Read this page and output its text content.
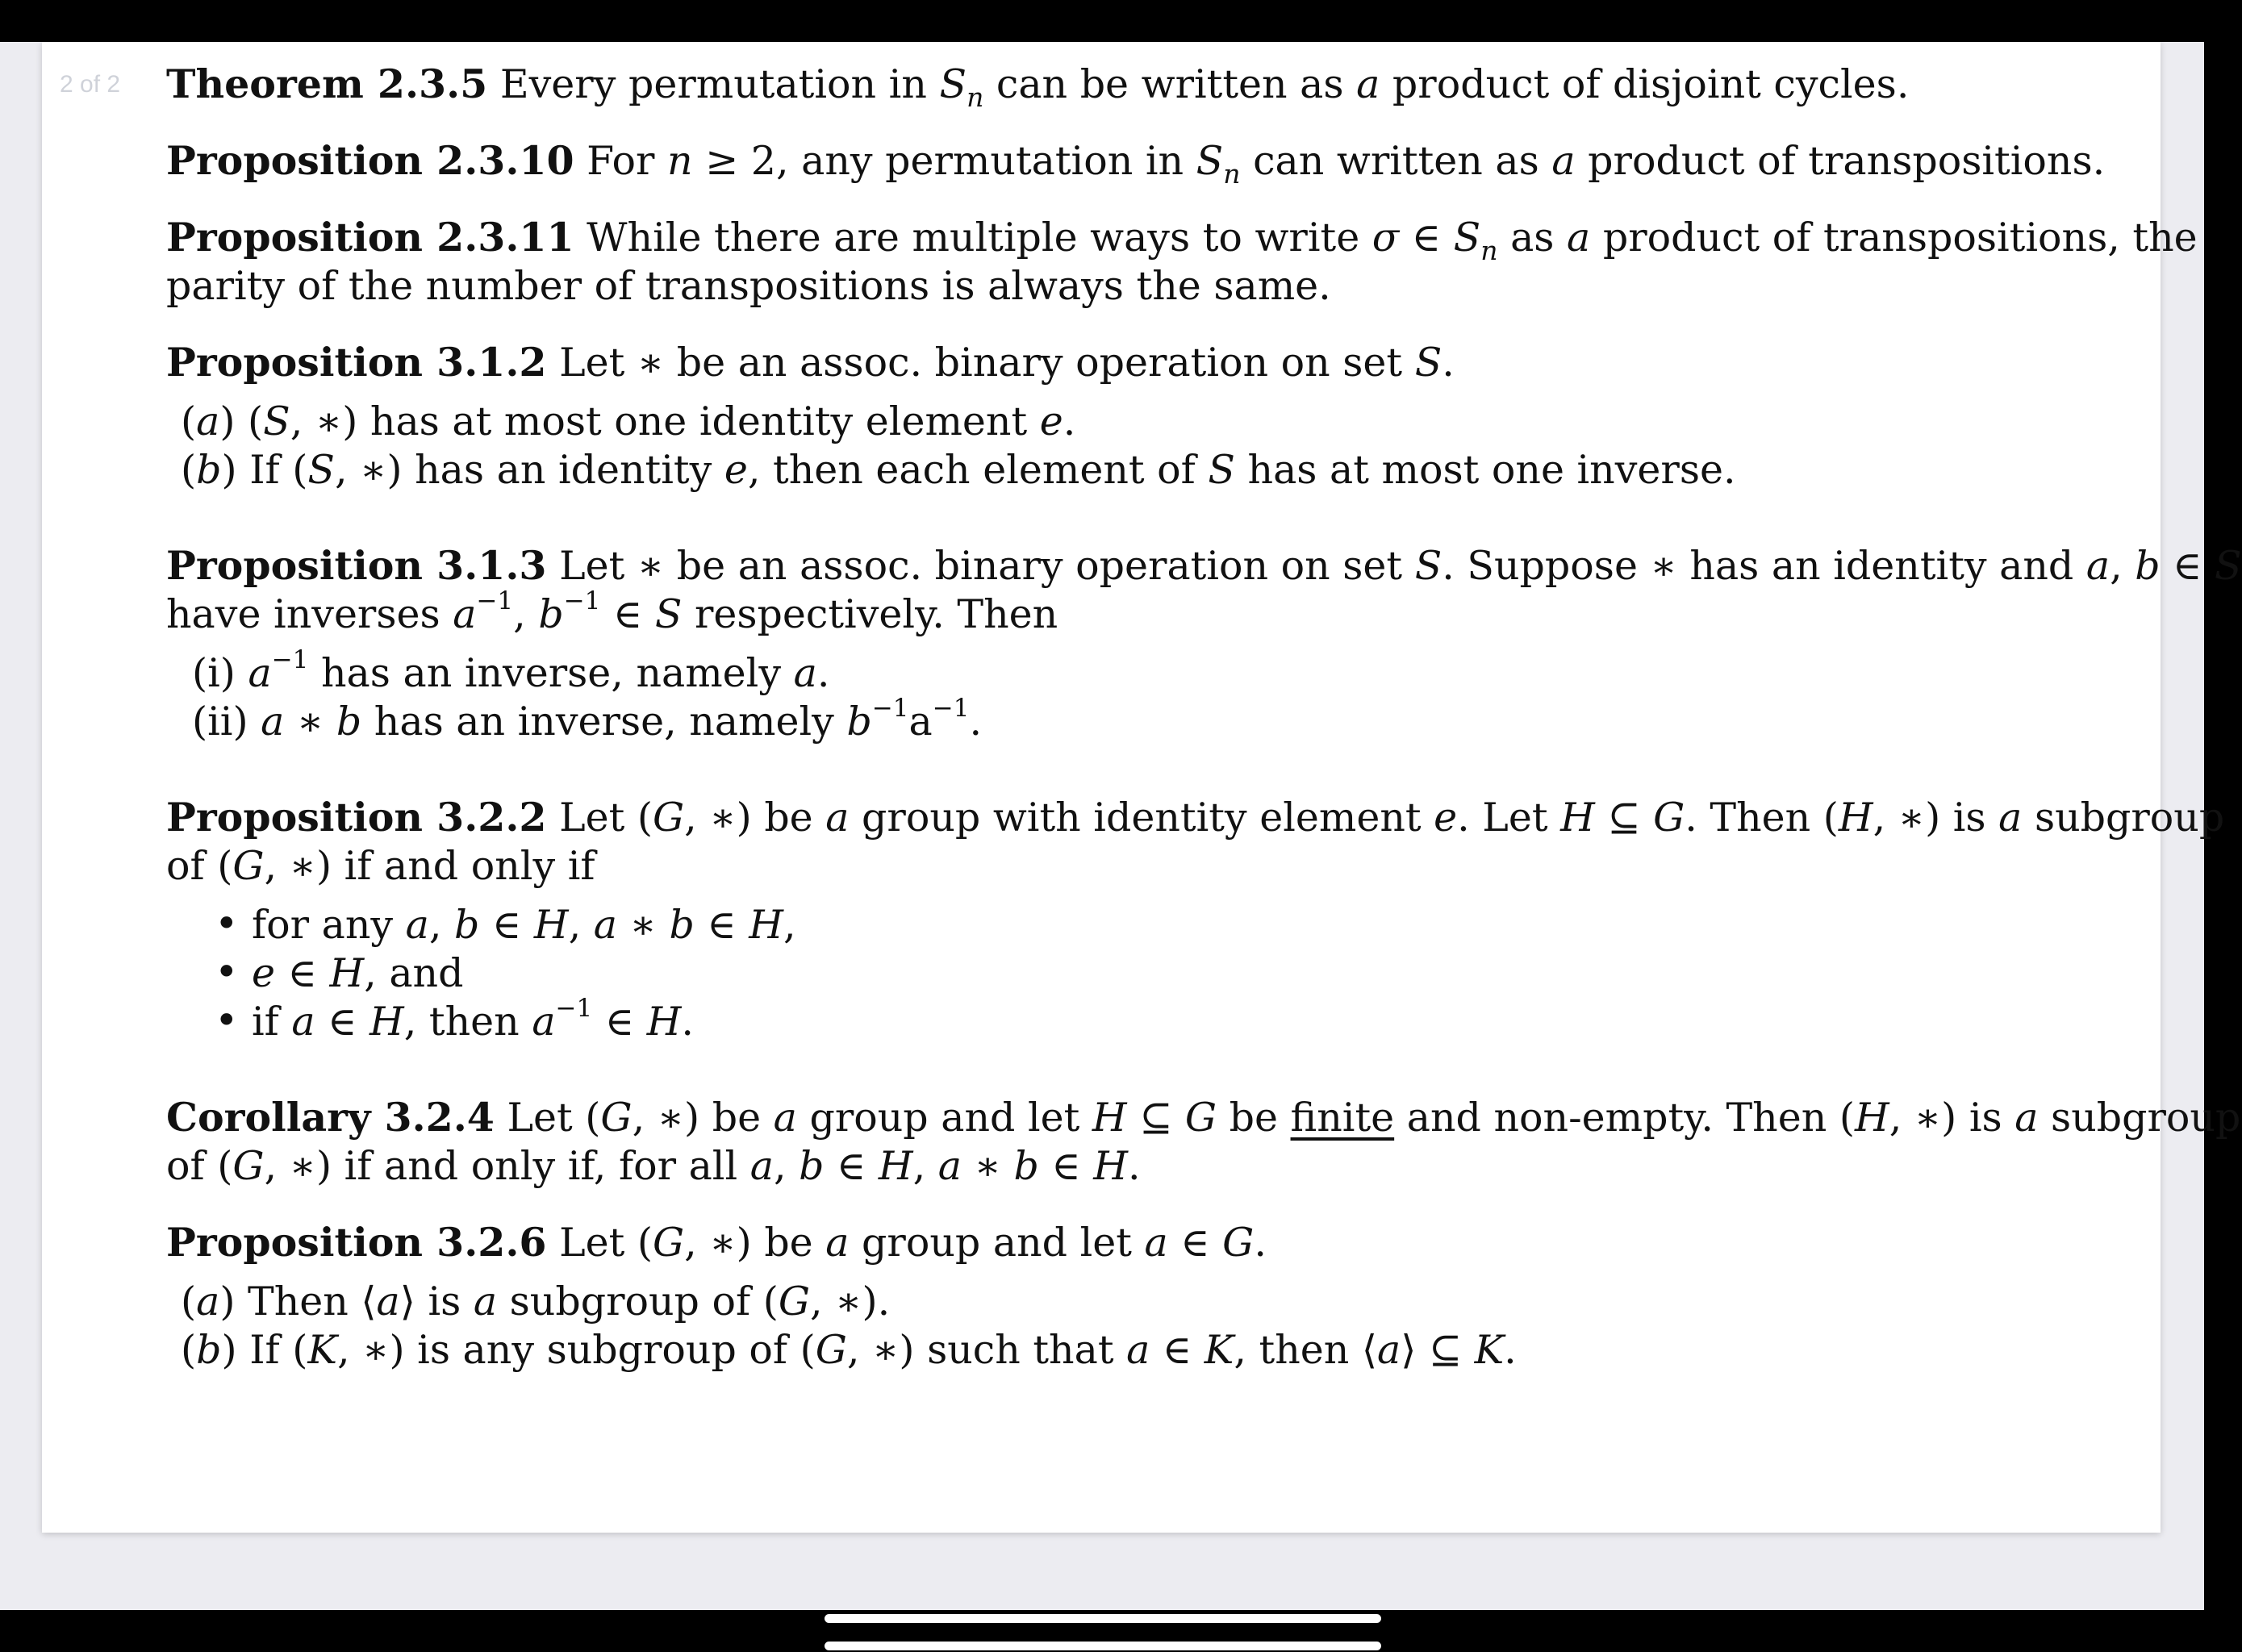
2 of 2 Theorem 2.3.5 Every permutation in $S_n$ can be written as a product of disjoint cycles.
Proposition 2.3.10 For n ≥ 2, any permutation in $S_n$ can written as a product of transpositions.
Proposition 2.3.11 While there are multiple ways to write σ ∈ $S_n$ as a product of transpositions, the
parity of the number of transpositions is always the same.
Proposition 3.1.2 Let ∗ be an assoc. binary operation on set S.
(a) (S, ∗) has at most one identity element e.
(b) If (S, ∗) has an identity e, then each element of S has at most one inverse.
Proposition 3.1.3 Let ∗ be an assoc. binary operation on set S. Suppose ∗ has an identity and a, b ∈ S
have inverses $a^{-1}$, $b^{-1}$ ∈ S respectively. Then
(i) $a^{-1}$ has an inverse, namely a.
(ii) a ∗ b has an inverse, namely $b^{-1}a^{-1}$.
Proposition 3.2.2 Let (G, ∗) be a group with identity element e. Let H ⊆ G. Then (H, ∗) is a subgroup
of (G, ∗) if and only if
• for any a, b ∈ H, a ∗ b ∈ H,
• e ∈ H, and
• if a ∈ H, then $a^{-1}$ ∈ H.
Corollary 3.2.4 Let (G, ∗) be a group and let H ⊆ G be finite and non-empty. Then (H, ∗) is a subgroup
of (G, ∗) if and only if, for all a, b ∈ H, a ∗ b ∈ H.
Proposition 3.2.6 Let (G, ∗) be a group and let a ∈ G.
(a) Then ⟨a⟩ is a subgroup of (G, ∗).
(b) If (K, ∗) is any subgroup of (G, ∗) such that a ∈ K, then ⟨a⟩ ⊆ K.
